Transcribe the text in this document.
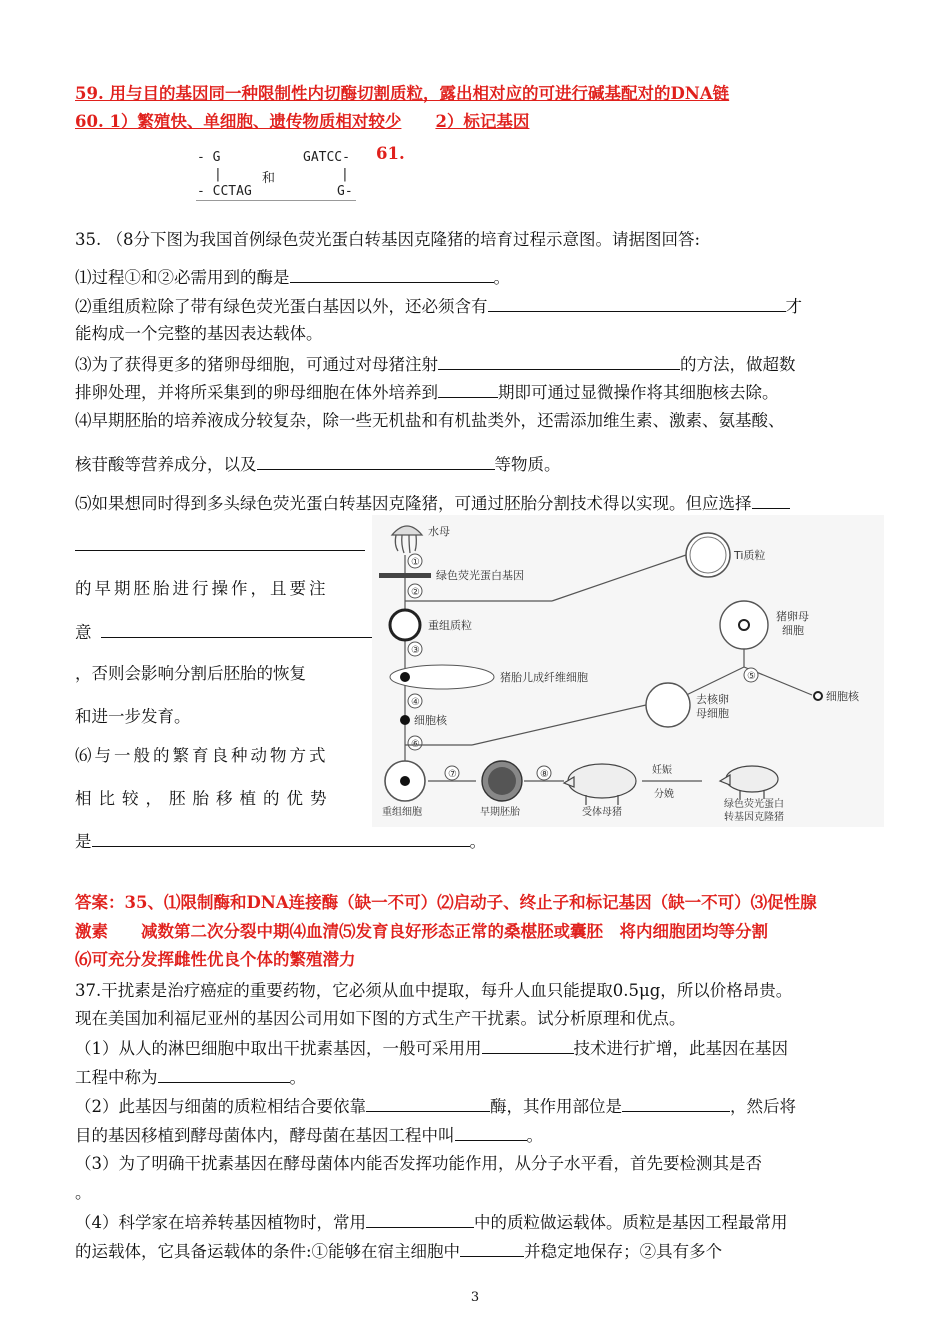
59. 用与目的基因同一种限制性内切酶切割质粒，露出相对应的可进行碱基配对的DNA链
60. 1）繁殖快、单细胞、遗传物质相对较少 2）标记基因
- G
|
- CCTAG
和
GATCC-
|
G-
61.
35. （8分下图为我国首例绿色荧光蛋白转基因克隆猪的培育过程示意图。请据图回答:
⑴过程①和②必需用到的酶是	。
⑵重组质粒除了带有绿色荧光蛋白基因以外，还必须含有	才
能构成一个完整的基因表达载体。
⑶为了获得更多的猪卵母细胞，可通过对母猪注射	的方法，做超数
排卵处理，并将所采集到的卵母细胞在体外培养到	期即可通过显微操作将其细胞核去除。
⑷早期胚胎的培养液成分较复杂，除一些无机盐和有机盐类外，还需添加维生素、激素、氨基酸、
核苷酸等营养成分，以及	等物质。
⑸如果想同时得到多头绿色荧光蛋白转基因克隆猪，可通过胚胎分割技术得以实现。但应选择
的早期胚胎进行操作，且要注
意
，否则会影响分割后胚胎的恢复
和进一步发育。
⑹与一般的繁育良种动物方式
相比较，胚胎移植的优势
是	。
水母
绿色荧光蛋白基因
②
①
Ti质粒
重组质粒
③
猪胎儿成纤维细胞
④
细胞核
⑥
猪卵母
细胞
⑤
细胞核
去核卵
母细胞
重组细胞
⑦
早期胚胎
⑧
受体母猪
妊娠
分娩
绿色荧光蛋白
转基因克隆猪
答案：35、⑴限制酶和DNA连接酶（缺一不可）⑵启动子、终止子和标记基因（缺一不可）⑶促性腺
激素　　减数第二次分裂中期⑷血清⑸发育良好形态正常的桑椹胚或囊胚　将内细胞团均等分割
⑹可充分发挥雌性优良个体的繁殖潜力
37.干扰素是治疗癌症的重要药物，它必须从血中提取，每升人血只能提取0.5μg，所以价格昂贵。
现在美国加利福尼亚州的基因公司用如下图的方式生产干扰素。试分析原理和优点。
（1）从人的淋巴细胞中取出干扰素基因，一般可采用用	技术进行扩增，此基因在基因
工程中称为	。
（2）此基因与细菌的质粒相结合要依靠	酶，其作用部位是	，然后将
目的基因移植到酵母菌体内，酵母菌在基因工程中叫	。
（3）为了明确干扰素基因在酵母菌体内能否发挥功能作用，从分子水平看，首先要检测其是否
。
（4）科学家在培养转基因植物时，常用	中的质粒做运载体。质粒是基因工程最常用
的运载体，它具备运载体的条件:①能够在宿主细胞中	并稳定地保存；②具有多个
3
